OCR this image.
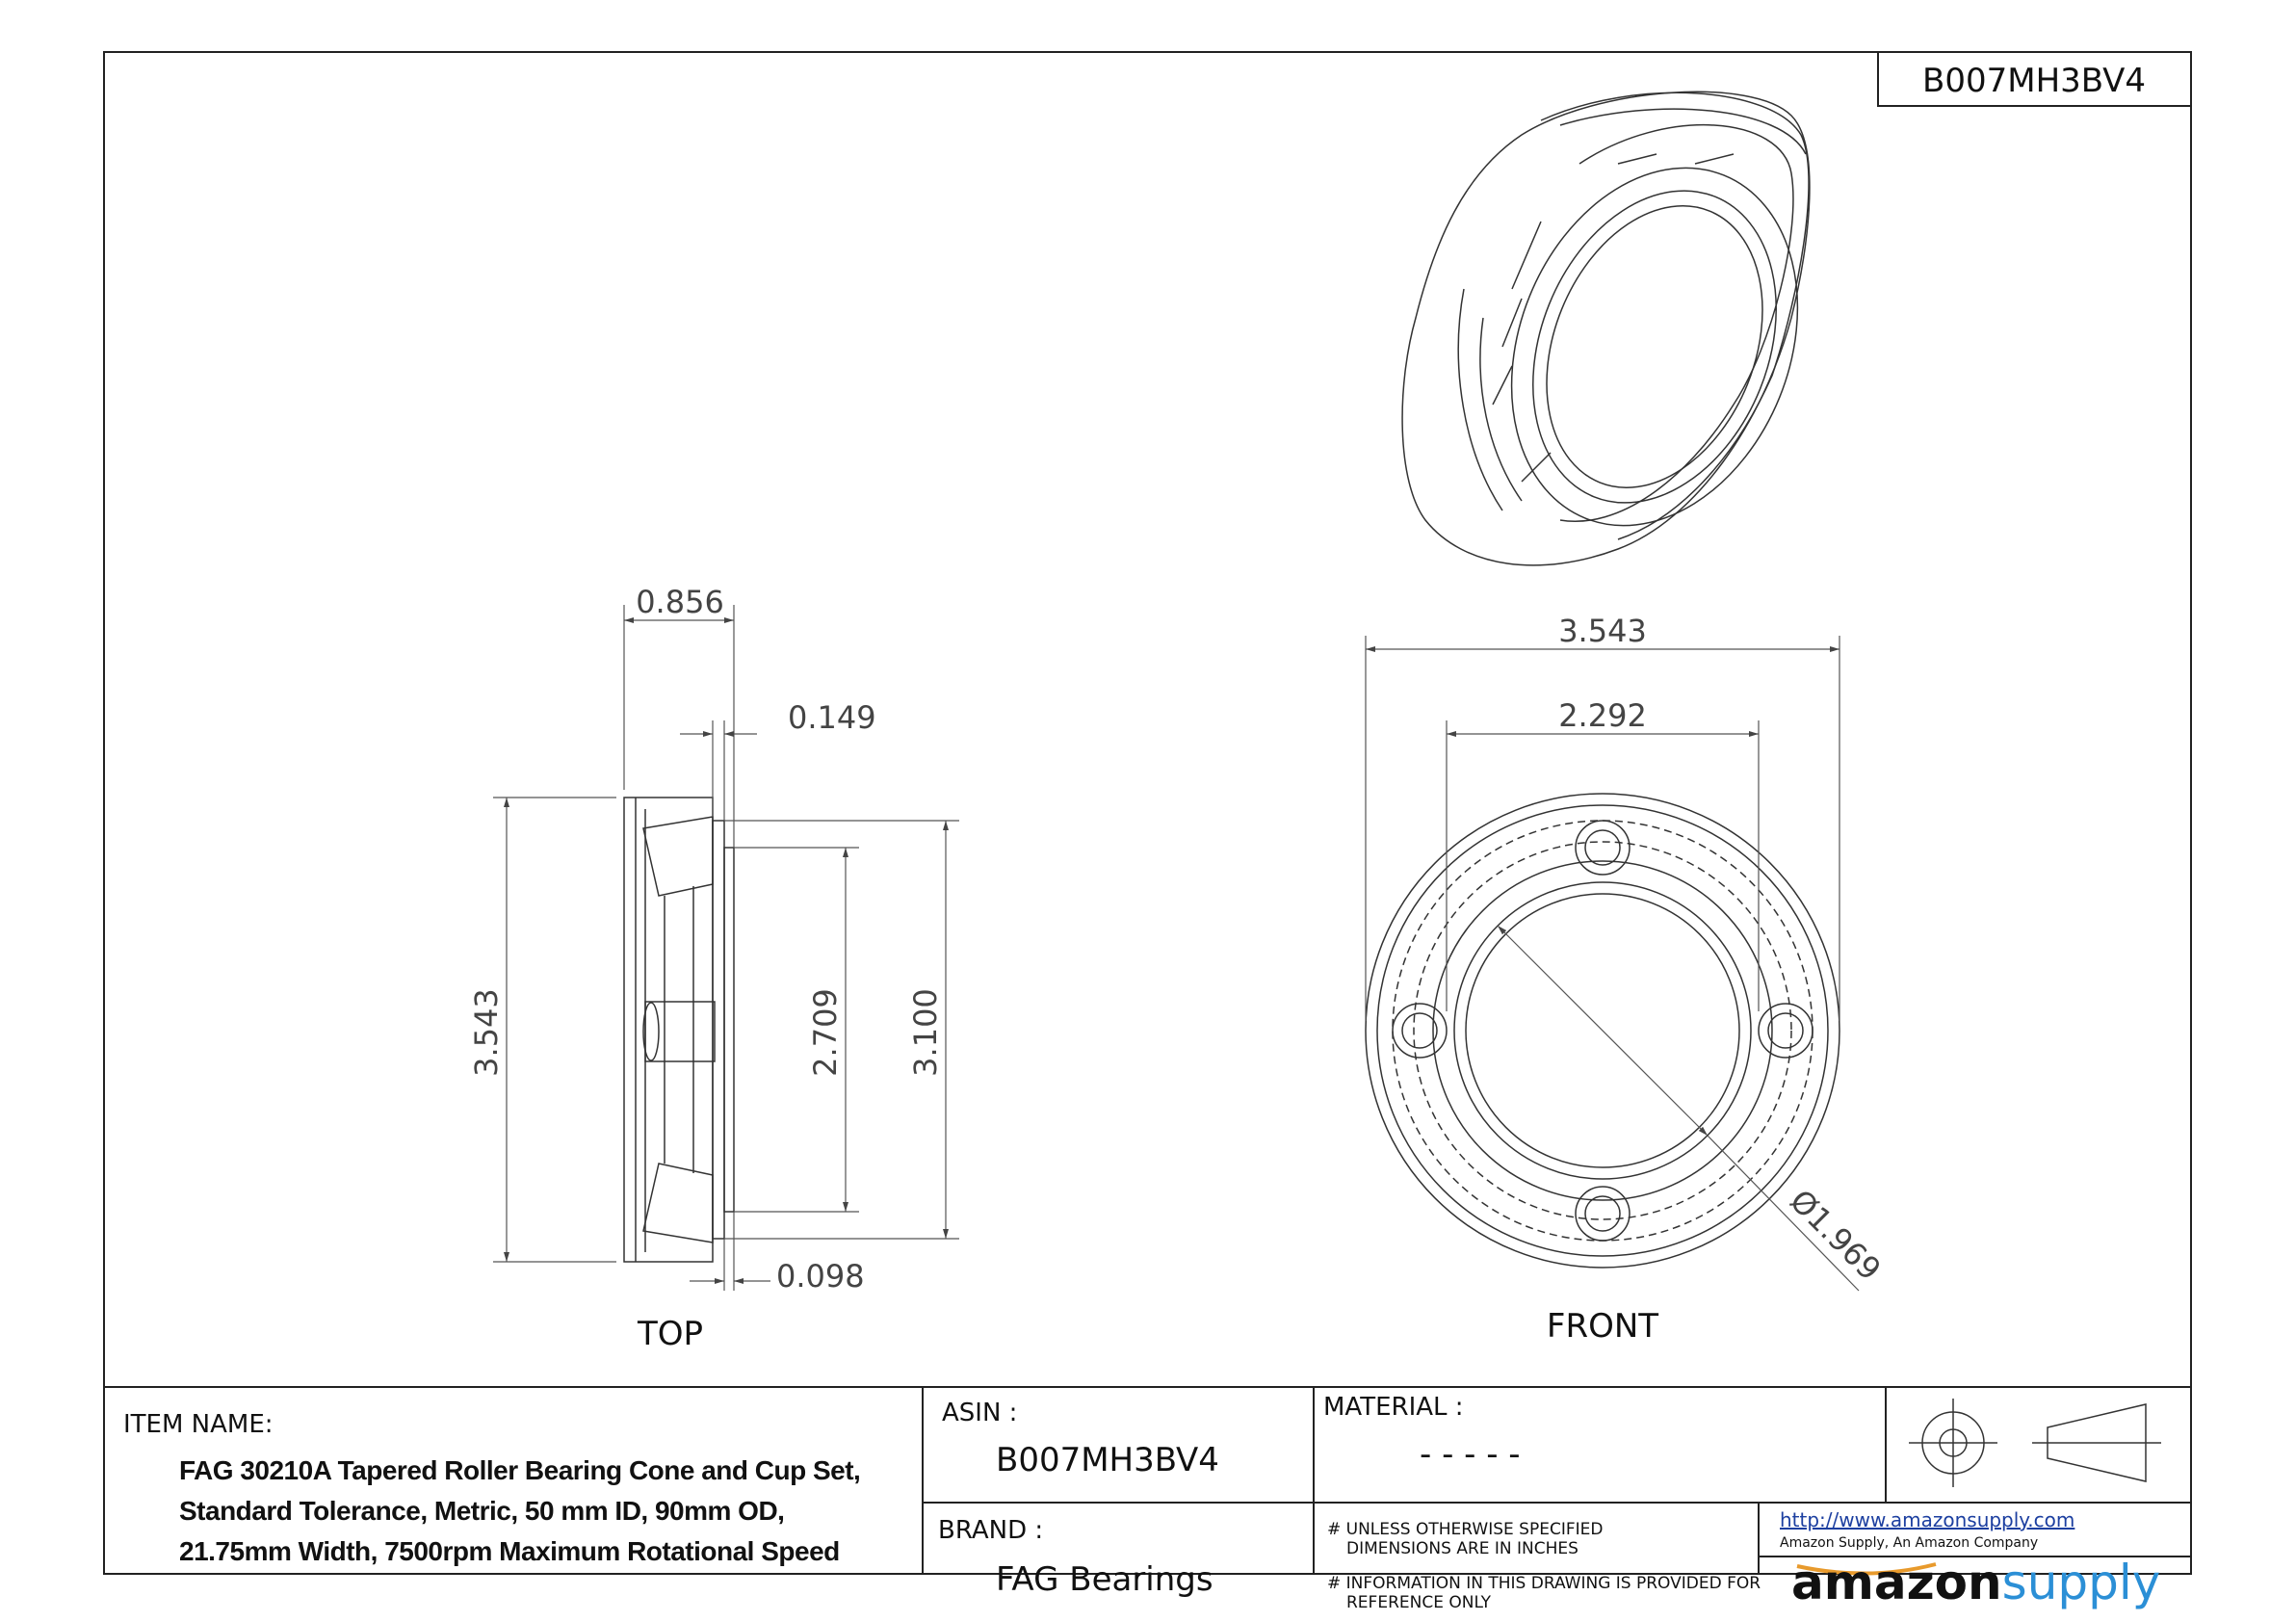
B007MH3BV4
0.856
0.149
0.098
3.543	2.709 3.100
TOP
3.543
2.292
Ø1.969
FRONT
ITEM NAME:
FAG 30210A Tapered Roller Bearing Cone and Cup Set, Standard Tolerance, Metric, 50 mm ID, 90mm OD, 21.75mm Width, 7500rpm Maximum Rotational Speed
ASIN :
B007MH3BV4
BRAND :
FAG Bearings
MATERIAL :
- - - - -
# UNLESS OTHERWISE SPECIFIED
DIMENSIONS ARE IN INCHES
# INFORMATION IN THIS DRAWING IS PROVIDED FOR
REFERENCE ONLY
http://www.amazonsupply.com
Amazon Supply, An Amazon Company
amazonsupply
